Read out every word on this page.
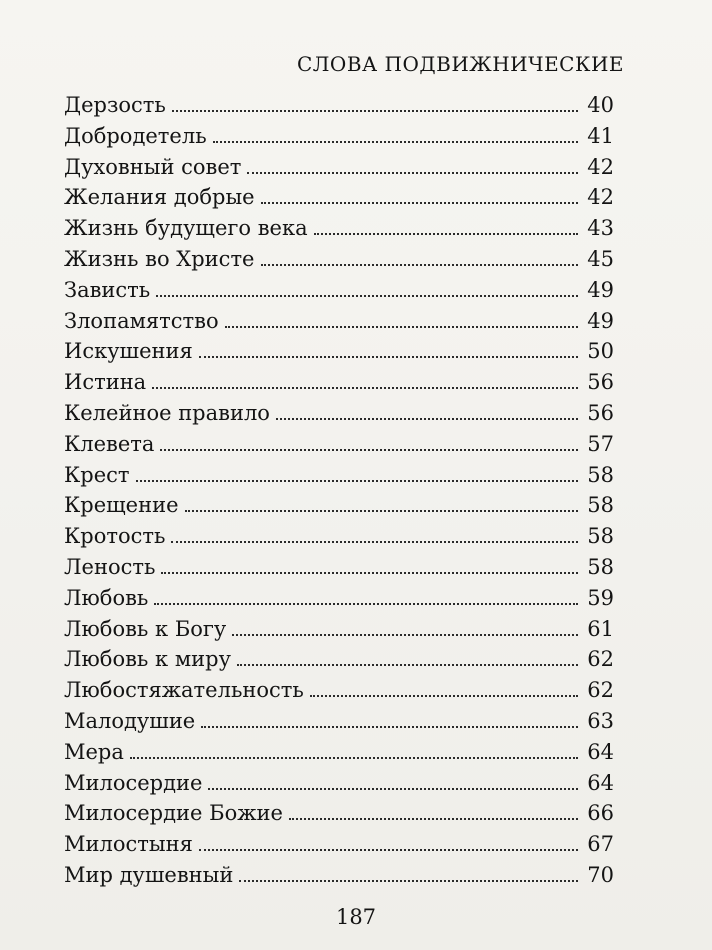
СЛОВА ПОДВИЖНИЧЕСКИЕ
Дерзость	40
Добродетель	41
Духовный совет	42
Желания добрые	42
Жизнь будущего века	43
Жизнь во Христе	45
Зависть	49
Злопамятство	49
Искушения	50
Истина	56
Келейное правило	56
Клевета	57
Крест	58
Крещение	58
Кротость	58
Леность	58
Любовь	59
Любовь к Богу	61
Любовь к миру	62
Любостяжательность	62
Малодушие	63
Мера	64
Милосердие	64
Милосердие Божие	66
Милостыня	67
Мир душевный	70
187
